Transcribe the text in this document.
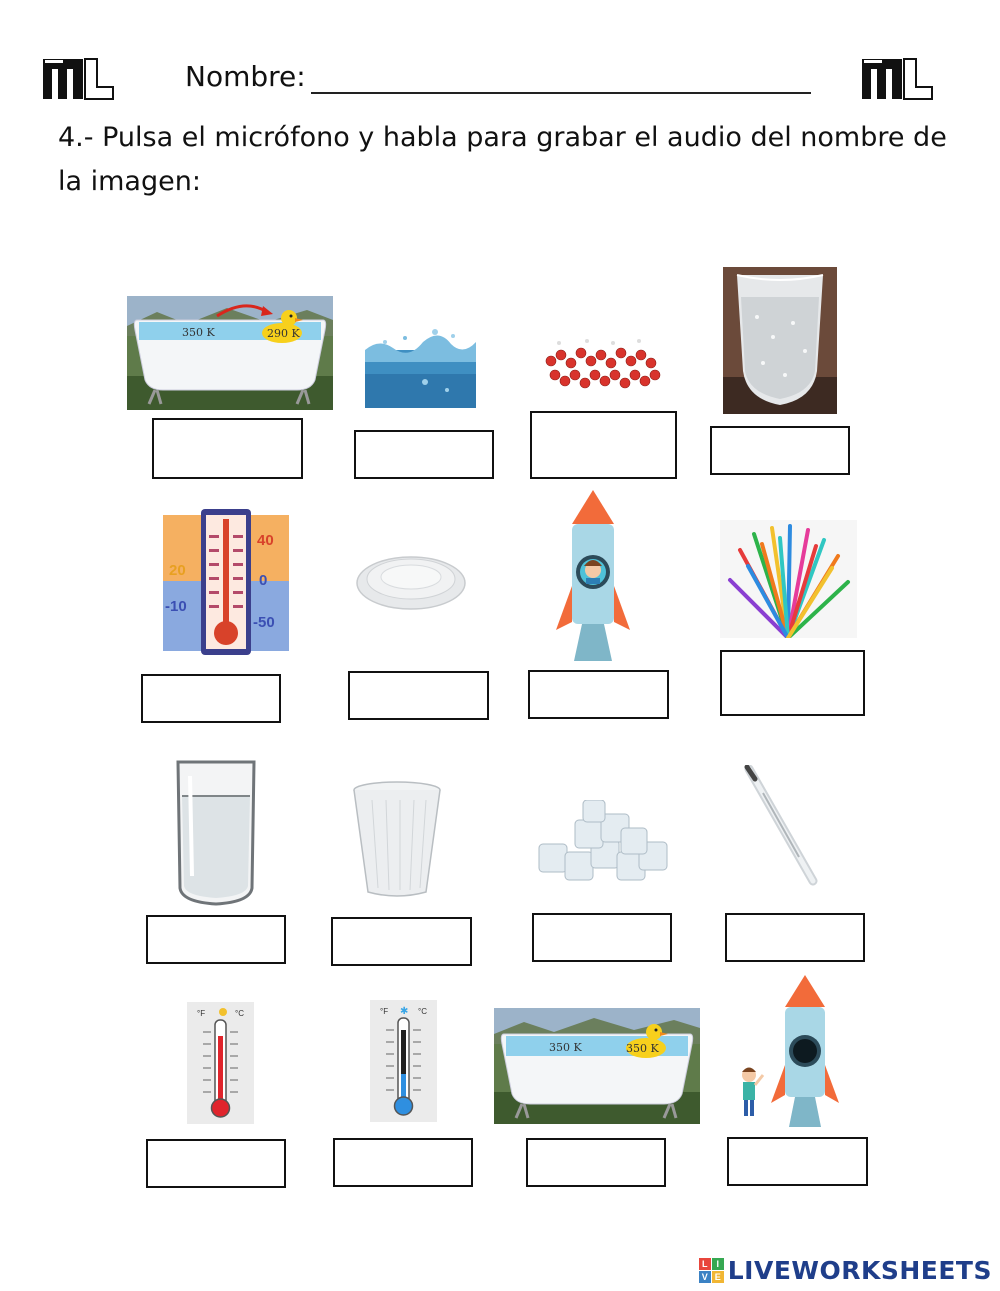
Nombre:
4.- Pulsa el micrófono y habla para grabar el audio del nombre de la imagen:
350 K	290 K
20
-10
40
0
-50
°F	°C	°F	°C
✱
350 K	350 K
L I
V E LIVEWORKSHEETS
